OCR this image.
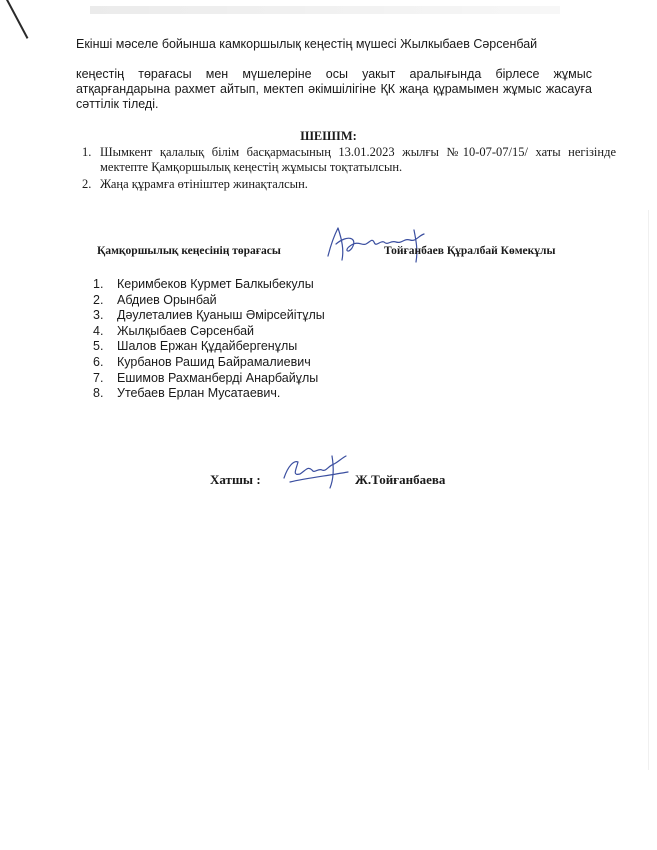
Екінші мәселе бойынша камкоршылық кеңестің мүшесі Жылкыбаев Сәрсенбай
кеңестің төрағасы мен мүшелеріне осы уакыт аралығында бірлесе жұмыс атқарғандарына рахмет айтып, мектеп әкімшілігіне ҚК жаңа құрамымен жұмыс жасауға сәттілік тіледі.
ШЕШІМ:
1. Шымкент қалалық білім басқармасының 13.01.2023 жылғы №10-07-07/15/ хаты негізінде мектепте Қамқоршылық кеңестің жұмысы тоқтатылсын.
2. Жаңа құрамға өтініштер жинақталсын.
Қамқоршылық кеңесінің төрағасы	Тойғанбаев Құралбай Көмекұлы
1. Керимбеков Курмет Балкыбекулы
2. Абдиев Орынбай
3. Дәулеталиев Қуаныш Әмірсейітұлы
4. Жылқыбаев Сәрсенбай
5. Шалов Ержан Құдайбергенұлы
6. Курбанов Рашид Байрамалиевич
7. Ешимов Рахманберді Анарбайұлы
8. Утебаев Ерлан Мусатаевич.
Хатшы :	Ж.Тойғанбаева
